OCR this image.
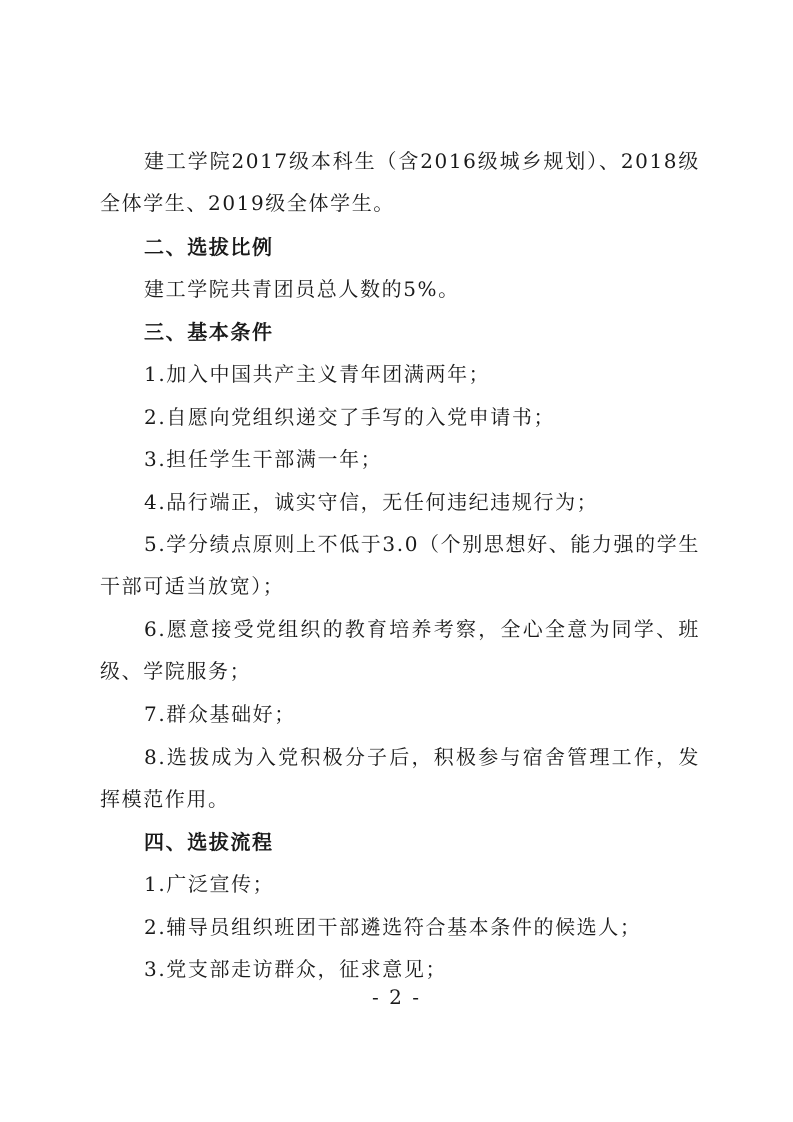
建工学院2017级本科生（含2016级城乡规划）、2018级全体学生、2019级全体学生。

二、选拔比例

建工学院共青团员总人数的5%。

三、基本条件

1.加入中国共产主义青年团满两年；

2.自愿向党组织递交了手写的入党申请书；

3.担任学生干部满一年；

4.品行端正，诚实守信，无任何违纪违规行为；

5.学分绩点原则上不低于3.0（个别思想好、能力强的学生干部可适当放宽）；

6.愿意接受党组织的教育培养考察，全心全意为同学、班级、学院服务；

7.群众基础好；

8.选拔成为入党积极分子后，积极参与宿舍管理工作，发挥模范作用。

四、选拔流程

1.广泛宣传；

2.辅导员组织班团干部遴选符合基本条件的候选人；

3.党支部走访群众，征求意见；

- 2 -
